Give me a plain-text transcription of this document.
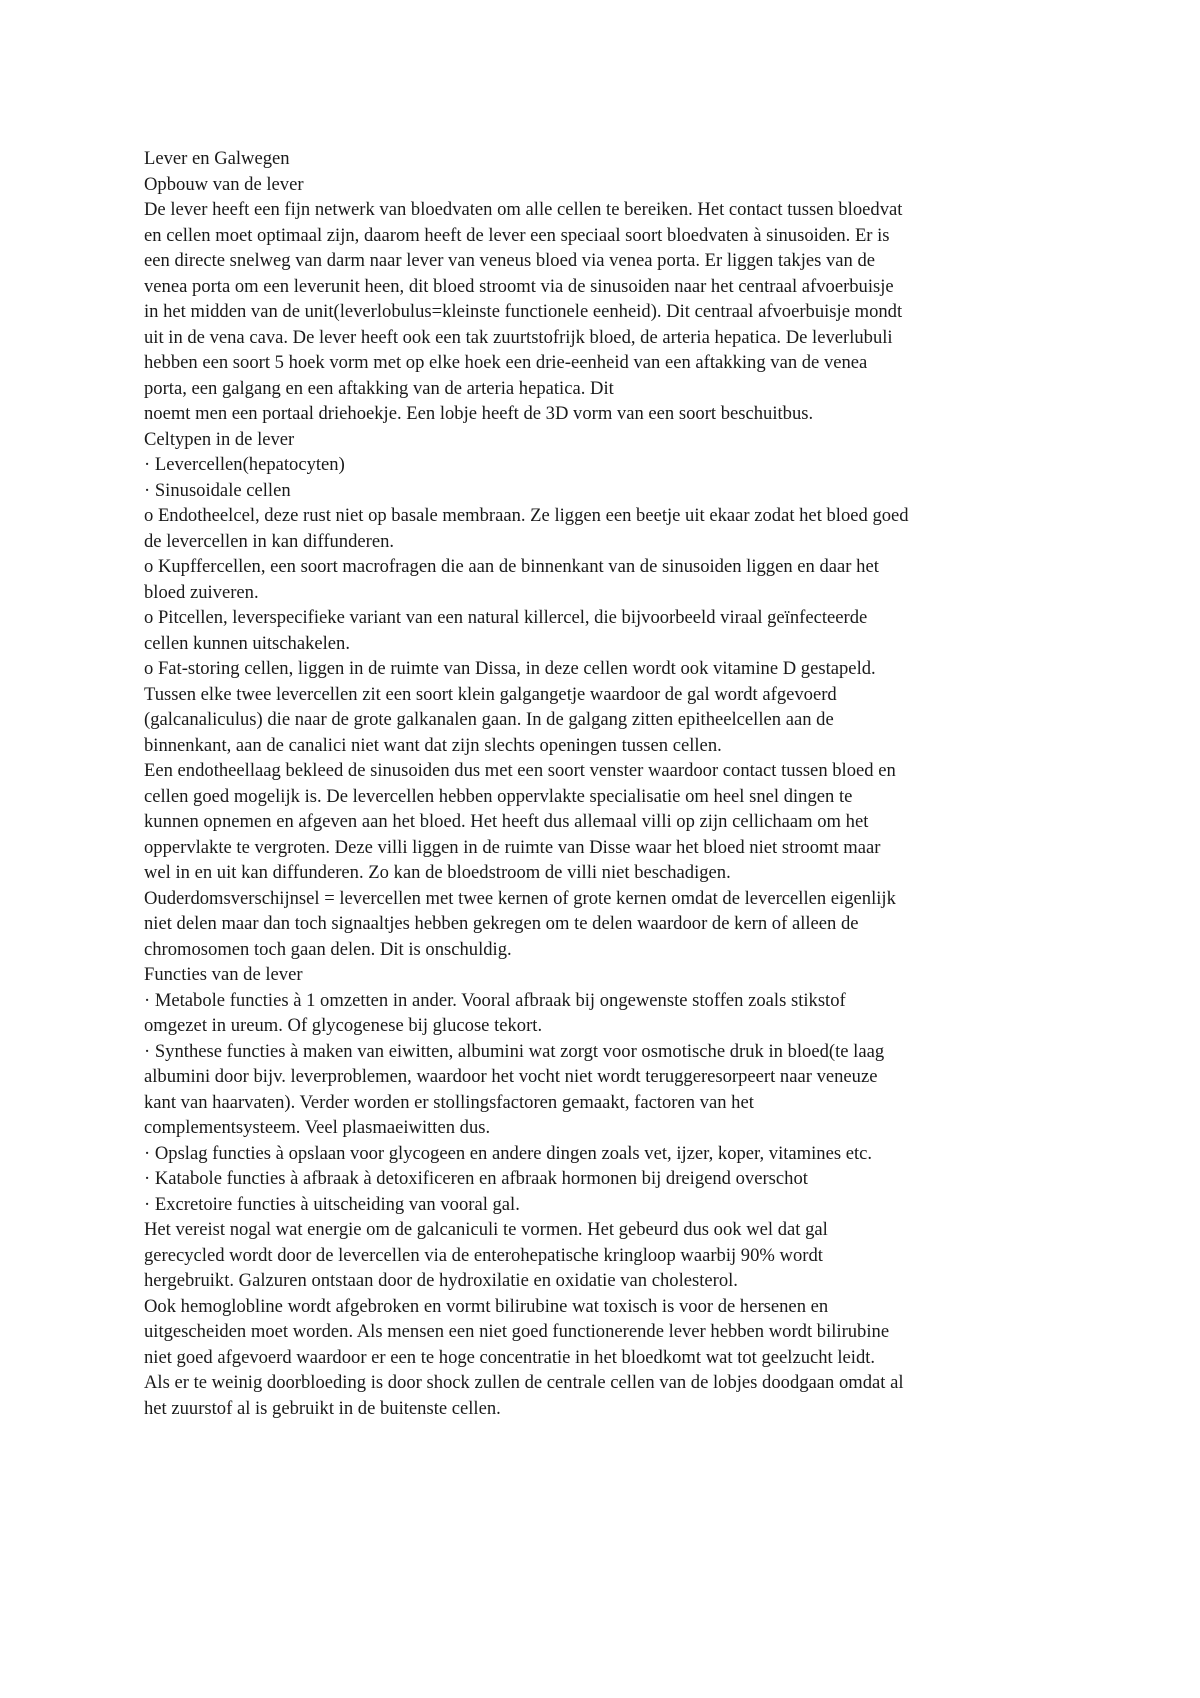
Lever en Galwegen
Opbouw van de lever
De lever heeft een fijn netwerk van bloedvaten om alle cellen te bereiken. Het contact tussen bloedvat
en cellen moet optimaal zijn, daarom heeft de lever een speciaal soort bloedvaten à sinusoiden. Er is
een directe snelweg van darm naar lever van veneus bloed via venea porta. Er liggen takjes van de
venea porta om een leverunit heen, dit bloed stroomt via de sinusoiden naar het centraal afvoerbuisje
in het midden van de unit(leverlobulus=kleinste functionele eenheid). Dit centraal afvoerbuisje mondt
uit in de vena cava. De lever heeft ook een tak zuurtstofrijk bloed, de arteria hepatica. De leverlubuli
hebben een soort 5 hoek vorm met op elke hoek een drie-eenheid van een aftakking van de venea
porta, een galgang en een aftakking van de arteria hepatica. Dit
noemt men een portaal driehoekje. Een lobje heeft de 3D vorm van een soort beschuitbus.
Celtypen in de lever
· Levercellen(hepatocyten)
· Sinusoidale cellen
o Endotheelcel, deze rust niet op basale membraan. Ze liggen een beetje uit ekaar zodat het bloed goed
de levercellen in kan diffunderen.
o Kupffercellen, een soort macrofragen die aan de binnenkant van de sinusoiden liggen en daar het
bloed zuiveren.
o Pitcellen, leverspecifieke variant van een natural killercel, die bijvoorbeeld viraal geïnfecteerde
cellen kunnen uitschakelen.
o Fat-storing cellen, liggen in de ruimte van Dissa, in deze cellen wordt ook vitamine D gestapeld.
Tussen elke twee levercellen zit een soort klein galgangetje waardoor de gal wordt afgevoerd
(galcanaliculus) die naar de grote galkanalen gaan. In de galgang zitten epitheelcellen aan de
binnenkant, aan de canalici niet want dat zijn slechts openingen tussen cellen.
Een endotheellaag bekleed de sinusoiden dus met een soort venster waardoor contact tussen bloed en
cellen goed mogelijk is. De levercellen hebben oppervlakte specialisatie om heel snel dingen te
kunnen opnemen en afgeven aan het bloed. Het heeft dus allemaal villi op zijn cellichaam om het
oppervlakte te vergroten. Deze villi liggen in de ruimte van Disse waar het bloed niet stroomt maar
wel in en uit kan diffunderen. Zo kan de bloedstroom de villi niet beschadigen.
Ouderdomsverschijnsel = levercellen met twee kernen of grote kernen omdat de levercellen eigenlijk
niet delen maar dan toch signaaltjes hebben gekregen om te delen waardoor de kern of alleen de
chromosomen toch gaan delen. Dit is onschuldig.
Functies van de lever
· Metabole functies à 1 omzetten in ander. Vooral afbraak bij ongewenste stoffen zoals stikstof
omgezet in ureum. Of glycogenese bij glucose tekort.
· Synthese functies à maken van eiwitten, albumini wat zorgt voor osmotische druk in bloed(te laag
albumini door bijv. leverproblemen, waardoor het vocht niet wordt teruggeresorpeert naar veneuze
kant van haarvaten). Verder worden er stollingsfactoren gemaakt, factoren van het
complementsysteem. Veel plasmaeiwitten dus.
· Opslag functies à opslaan voor glycogeen en andere dingen zoals vet, ijzer, koper, vitamines etc.
· Katabole functies à afbraak à detoxificeren en afbraak hormonen bij dreigend overschot
· Excretoire functies à uitscheiding van vooral gal.
Het vereist nogal wat energie om de galcaniculi te vormen. Het gebeurd dus ook wel dat gal
gerecycled wordt door de levercellen via de enterohepatische kringloop waarbij 90% wordt
hergebruikt. Galzuren ontstaan door de hydroxilatie en oxidatie van cholesterol.
Ook hemoglobline wordt afgebroken en vormt bilirubine wat toxisch is voor de hersenen en
uitgescheiden moet worden. Als mensen een niet goed functionerende lever hebben wordt bilirubine
niet goed afgevoerd waardoor er een te hoge concentratie in het bloedkomt wat tot geelzucht leidt.
Als er te weinig doorbloeding is door shock zullen de centrale cellen van de lobjes doodgaan omdat al
het zuurstof al is gebruikt in de buitenste cellen.
